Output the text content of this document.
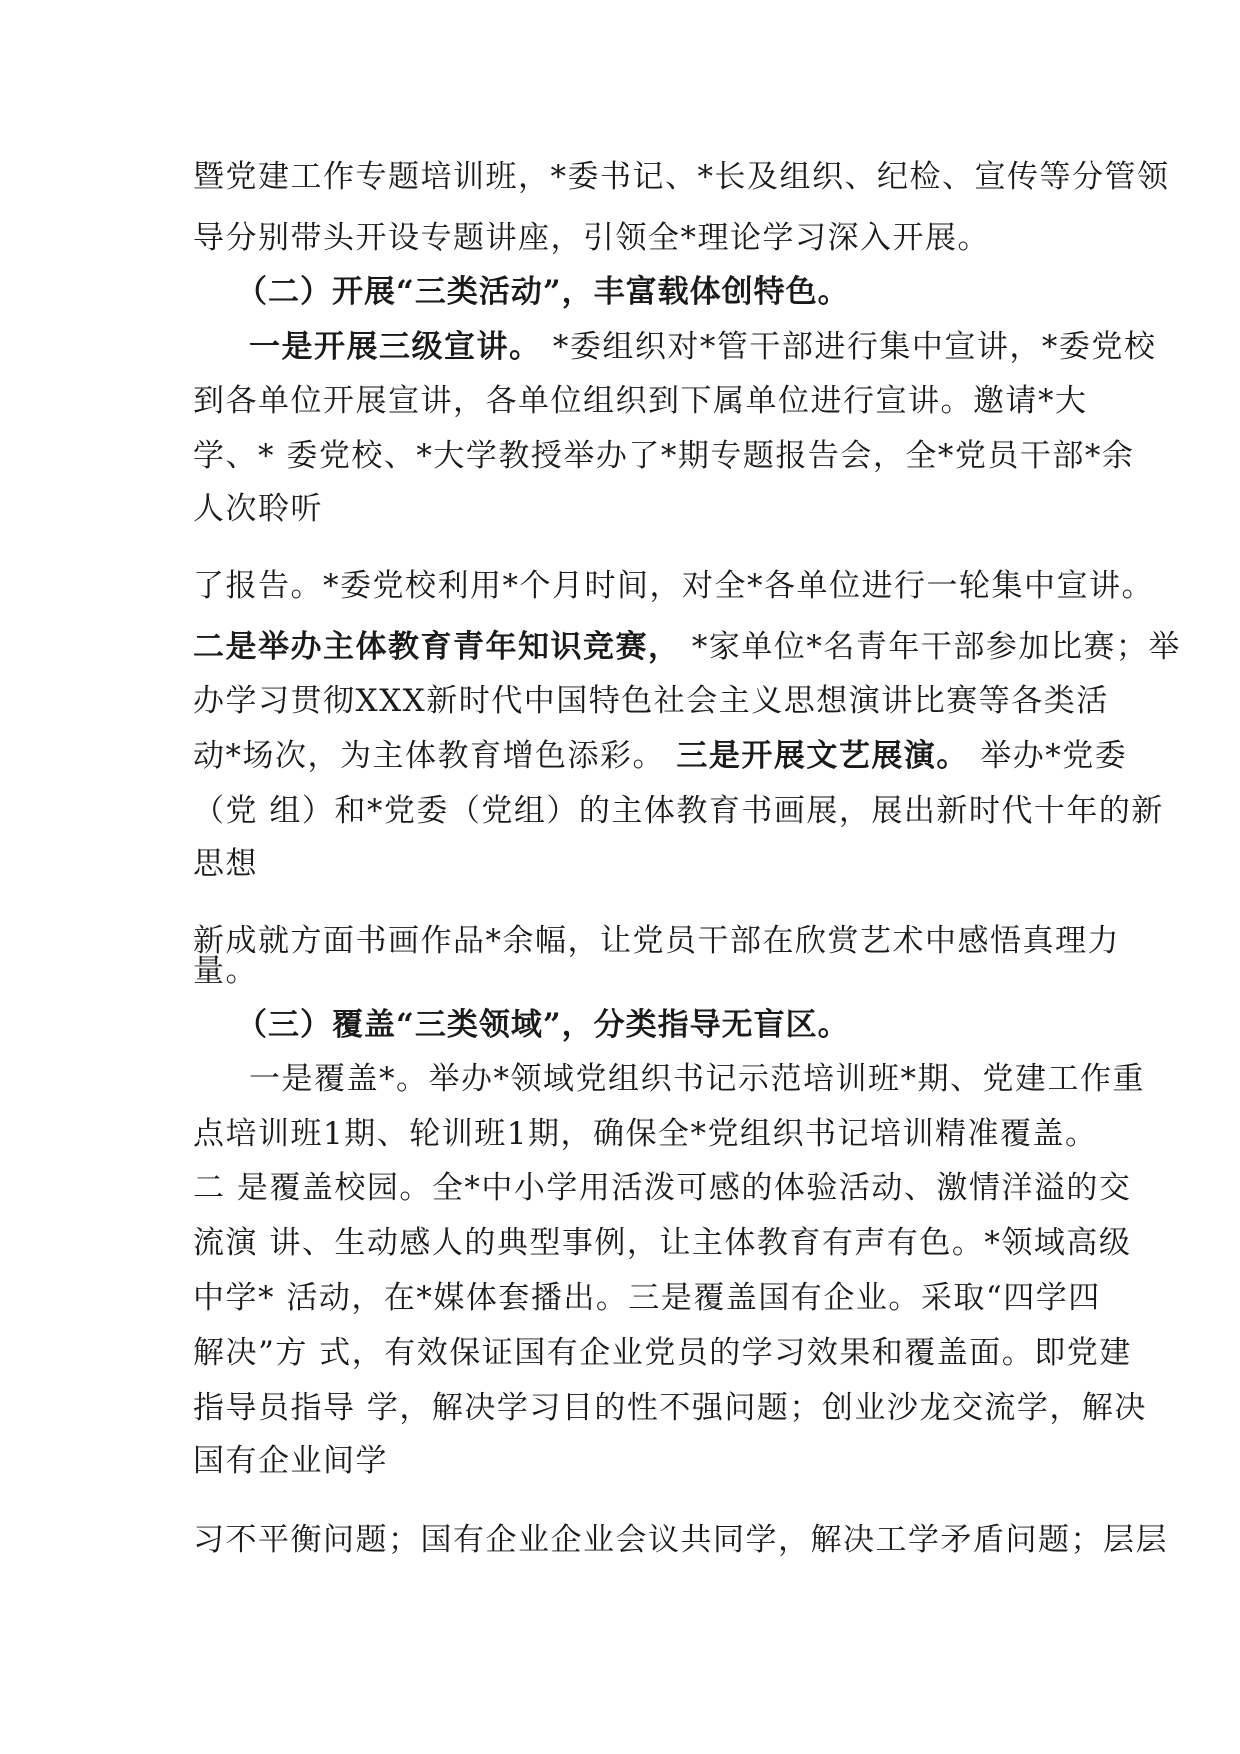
暨党建工作专题培训班，*委书记、*长及组织、纪检、宣传等分管领
导分别带头开设专题讲座，引领全*理论学习深入开展。
（二）开展“三类活动”，丰富载体创特色。
一是开展三级宣讲。 *委组织对*管干部进行集中宣讲，*委党校
到各单位开展宣讲，各单位组织到下属单位进行宣讲。邀请*大
学、* 委党校、*大学教授举办了*期专题报告会，全*党员干部*余
人次聆听
了报告。*委党校利用*个月时间，对全*各单位进行一轮集中宣讲。
二是举办主体教育青年知识竞赛， *家单位*名青年干部参加比赛；举
办学习贯彻XXX新时代中国特色社会主义思想演讲比赛等各类活
动*场次，为主体教育增色添彩。 三是开展文艺展演。 举办*党委
（党 组）和*党委（党组）的主体教育书画展，展出新时代十年的新
思想
新成就方面书画作品*余幅，让党员干部在欣赏艺术中感悟真理力
量。
（三）覆盖“三类领域”，分类指导无盲区。
一是覆盖*。举办*领域党组织书记示范培训班*期、党建工作重
点培训班1期、轮训班1期，确保全*党组织书记培训精准覆盖。
二 是覆盖校园。全*中小学用活泼可感的体验活动、激情洋溢的交
流演 讲、生动感人的典型事例，让主体教育有声有色。*领域高级
中学* 活动，在*媒体套播出。三是覆盖国有企业。采取“四学四
解决”方 式，有效保证国有企业党员的学习效果和覆盖面。即党建
指导员指导 学，解决学习目的性不强问题；创业沙龙交流学，解决
国有企业间学
习不平衡问题；国有企业企业会议共同学，解决工学矛盾问题；层层
